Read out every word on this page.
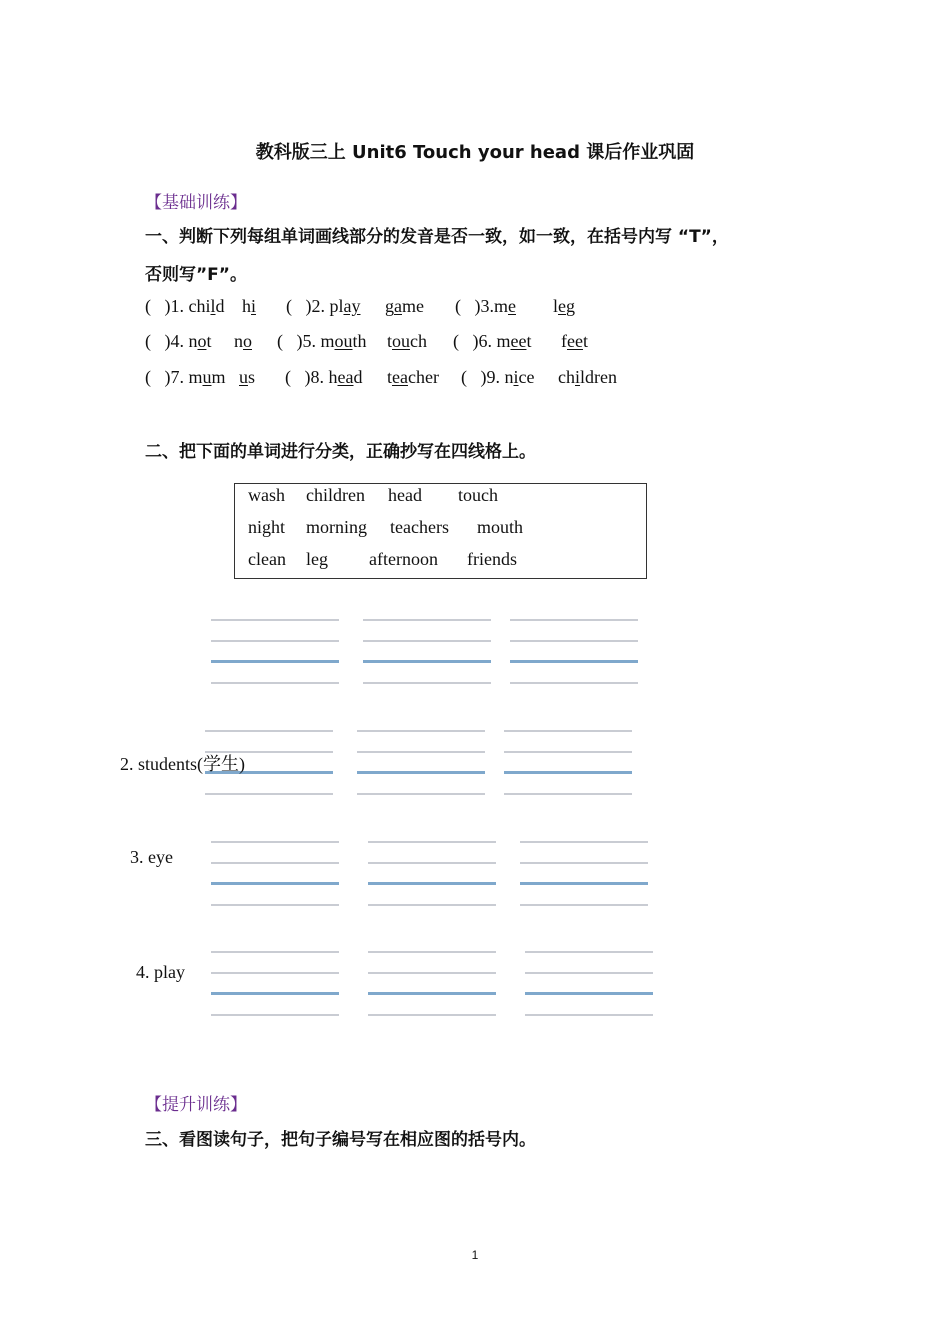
教科版三上 Unit6 Touch your head 课后作业巩固
【基础训练】
一、判断下列每组单词画线部分的发音是否一致，如一致，在括号内写 “T”，
否则写”F”。
(   )1. child hi (   )2. play game (   )3.me leg
(   )4. not no (   )5. mouth touch (   )6. meet feet
(   )7. mum us (   )8. head teacher (   )9. nice children
二、把下面的单词进行分类，正确抄写在四线格上。
wash children head touch
night morning teachers mouth
clean leg afternoon friends
2. students(学生)
3. eye
4. play
【提升训练】
三、看图读句子，把句子编号写在相应图的括号内。
1
